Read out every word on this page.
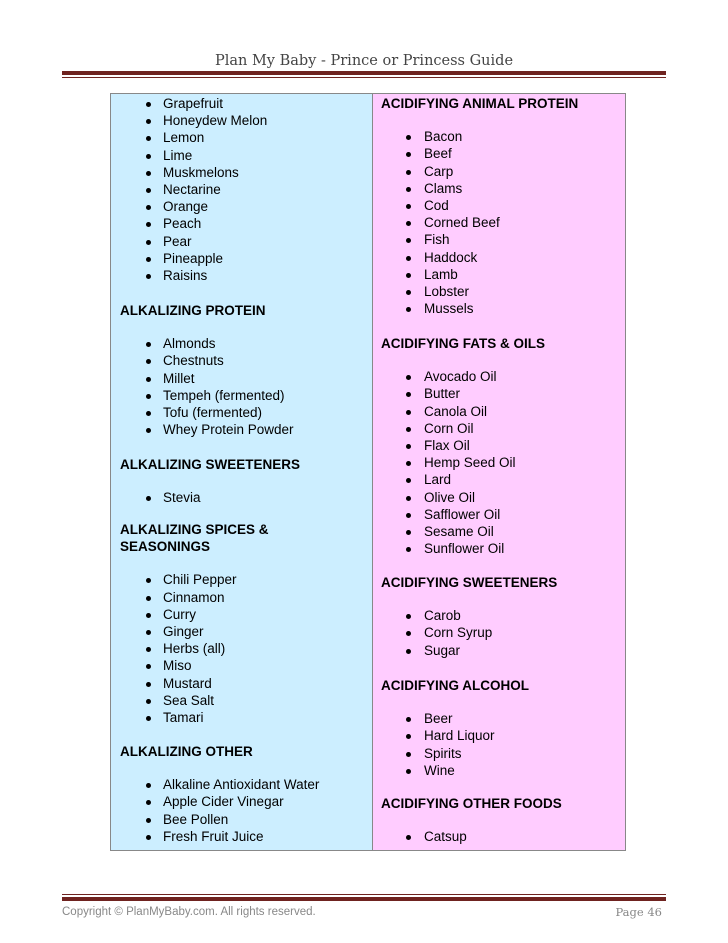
Plan My Baby - Prince or Princess Guide
Grapefruit
Honeydew Melon
Lemon
Lime
Muskmelons
Nectarine
Orange
Peach
Pear
Pineapple
Raisins
ALKALIZING PROTEIN
Almonds
Chestnuts
Millet
Tempeh (fermented)
Tofu (fermented)
Whey Protein Powder
ALKALIZING SWEETENERS
Stevia
ALKALIZING SPICES &
SEASONINGS
Chili Pepper
Cinnamon
Curry
Ginger
Herbs (all)
Miso
Mustard
Sea Salt
Tamari
ALKALIZING OTHER
Alkaline Antioxidant Water
Apple Cider Vinegar
Bee Pollen
Fresh Fruit Juice
ACIDIFYING ANIMAL PROTEIN
Bacon
Beef
Carp
Clams
Cod
Corned Beef
Fish
Haddock
Lamb
Lobster
Mussels
ACIDIFYING FATS & OILS
Avocado Oil
Butter
Canola Oil
Corn Oil
Flax Oil
Hemp Seed Oil
Lard
Olive Oil
Safflower Oil
Sesame Oil
Sunflower Oil
ACIDIFYING SWEETENERS
Carob
Corn Syrup
Sugar
ACIDIFYING ALCOHOL
Beer
Hard Liquor
Spirits
Wine
ACIDIFYING OTHER FOODS
Catsup
Copyright © PlanMyBaby.com. All rights reserved.	Page 46
